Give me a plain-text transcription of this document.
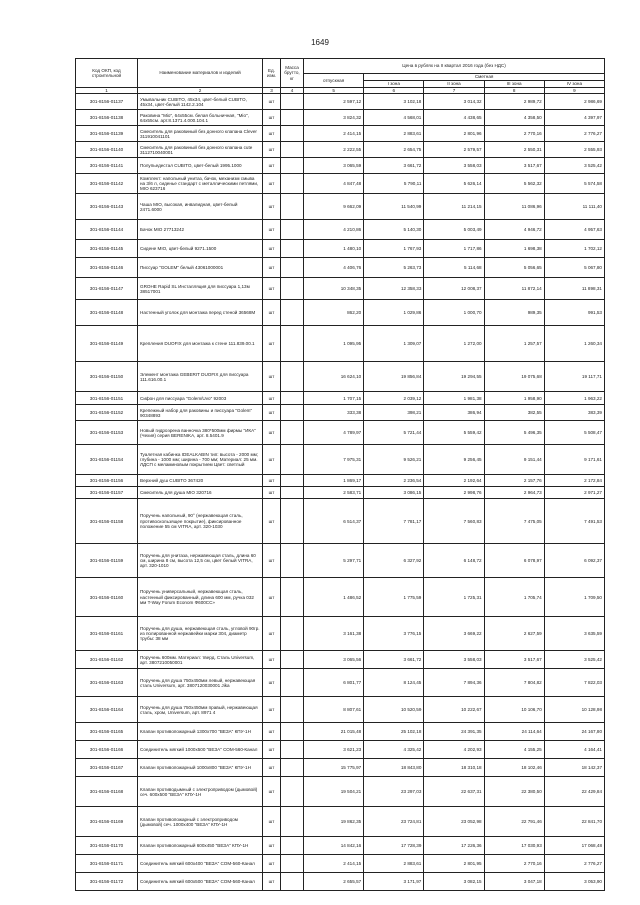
1649
Код ОКП, код строительной	Наименование материалов и изделий	Ед. изм.	Масса брутто, кг	Цена в рублях на II квартал 2016 года (без НДС)				
				отпускная	Сметная			
					I зона	II зона	III зона	IV зона
1	2	3	4	5	6	7	8	9
301-8156-01137	Умывальник CUBITO, 45х34, цвет-белый CUBITO, 45х34, цвет-белый 1142.2.104	шт		2 597,12	3 102,18	3 014,32	2 989,72	2 986,69
301-8156-01138	Раковина "Mio", 64х55см. белая больничная, "Mio", 64х55см. арт.8.1371.4.000.104.1	шт		3 824,32	4 568,01	4 438,65	4 358,50	4 397,97
301-8156-01139	Смеситель для раковиный без донного клапана Clever 311910041101	шт		2 414,15	2 883,61	2 801,96	2 770,16	2 776,27
301-8156-01140	Смеситель для раковиный без донного клапана cute 3112710040001	шт		2 222,55	2 654,75	2 579,57	2 550,31	2 555,93
301-8156-01141	Полупьедестал CUBITO, цвет-белый 1995.1000	шт		3 065,59	3 661,72	3 558,03	3 517,67	3 525,42
301-8156-01142	Комплект: напольный унитаз, бачок, механизм смыва на 3/6 л, сиденье стандарт с металлическими петлями, MIO 623716	шт		4 847,48	5 790,11	5 626,14	5 562,32	5 574,58
301-8156-01143	Чаша MIO, высокая, инвалидная, цвет-белый 2471.6000	шт		9 662,09	11 540,99	11 214,15	11 086,96	11 111,40
301-8156-01144	Бачок MIO 27713242	шт		4 210,86	5 140,30	5 003,49	4 946,72	4 957,63
301-8156-01145	Сидене MIO, цвет-белый 9271.1500	шт		1 480,10	1 767,93	1 717,86	1 698,38	1 702,12
301-8156-01146	Писсуар "GOLEM" белый 43061000001	шт		4 406,76	5 263,73	5 114,68	5 056,65	5 067,80
301-8156-01147	GROHE Rapid SL Инсталляция для писсуара 1,13м 38517001	шт		10 348,35	12 358,33	12 008,37	11 872,14	11 898,31
301-8156-01148	Настенный уголок для монтажа перед стеной 36568M	шт		862,20	1 029,86	1 000,70	989,35	991,53
301-8156-01149	Крепления DUOFIX для монтажа к стене 111.839.00.1	шт		1 095,95	1 309,07	1 272,00	1 257,57	1 260,34
301-8156-01150	Элемент монтажа GEBERIT DUOFIX для писсуара 111.616.00.1	шт		16 624,10	19 856,84	19 294,55	19 075,68	19 117,71
301-8156-01151	Сифон для писсуара "Golem/Uvo" 92003	шт		1 707,15	2 039,12	1 981,38	1 958,90	1 963,22
301-8156-01152	Крепежный набор для раковины и писсуара "Golem" 90348893	шт		333,38	398,21	386,94	382,55	383,39
301-8156-01153	Новый гидроэрена ванночка 380*500мм фирмы "ИКА" (Чехия) серия BERENIKA, арт. 8.5401.9	шт		4 789,97	5 721,44	5 559,42	5 496,35	5 508,47
301-8156-01154	Туалетная кабинка IDEALKABIN тип: высота - 2000 мм; глубина - 1000 мм; ширина - 700 мм; Материал: 25 мм. ЛДСП с меламиновым покрытием Цвет: светлый	шт		7 975,31	9 526,21	9 256,45	9 151,44	9 171,61
301-8156-01156	Верхний душ CUBITO 367420	шт		1 869,17	2 236,54	2 192,64	2 157,76	2 172,84
301-8156-01157	Смеситель для душа MIO 320716	шт		2 583,71	3 086,15	2 998,76	2 964,73	2 971,27
301-8156-01158	Поручень напольный, 90° (нержавеющая сталь, противоскользящее покрытие), фиксированное положение 55 см VITRA, арт. 320-1030	шт		6 514,37	7 781,17	7 560,83	7 475,05	7 491,53
301-8156-01159	Поручень для унитаза, нержавеющая сталь, длина 60 см, ширина 8 см, высота 12,5 см, цвет белый VITRA, арт. 320-1010	шт		5 297,71	6 327,92	6 148,72	6 078,97	6 092,37
301-8156-01160	Поручень универсальный, нержавеющая сталь, настенный фиксированный, длина 600 мм, ручка 032 мм T-Way Forum Econom Ф600СС»	шт		1 486,52	1 775,59	1 725,31	1 705,74	1 709,50
301-8156-01161	Поручень для душа, нержавеющая сталь, угловой 90гр. из полированной нержавейки марки 304, диаметр трубы: 38 мм	шт		3 161,38	3 776,15	3 669,22	2 627,59	3 635,59
301-8156-01162	Поручень 600мм. Материал: тверд. Сталь Universum, арт. 3807210050001	шт		3 065,56	3 661,72	3 558,03	3 517,67	3 525,42
301-8156-01163	Поручень для душа 750х450мм левый, нержавеющая сталь Universum, арт. 3807120030001 Jika	шт		6 801,77	8 124,45	7 894,36	7 804,82	7 822,03
301-8156-01164	Поручень для душа 750х450мм правый, нержавеющая сталь, хром, Universum, арт. 8971 4	шт		8 807,61	10 520,59	10 222,67	10 106,70	10 128,98
301-8156-01165	Клапан противопожарный 1300х700 "ВЕЗА" КПУ-1Н	шт		21 015,48	25 102,18	24 391,35	24 114,64	24 167,80
301-8156-01166	Соединитель мягкий 1000х500 "ВЕЗА" СОМ-560-Канал	шт		3 621,23	4 325,42	4 202,93	4 155,25	4 164,41
301-8156-01167	Клапан противопожарный 1000х800 "ВЕЗА" КПУ-1Н	шт		15 775,97	18 843,80	18 310,18	18 102,46	18 142,37
301-8156-01168	Клапан противодымный с электроприводом (дымовой) сеч. 600х500 "ВЕЗА" КПУ-1Н	шт		19 504,21	23 297,03	22 637,31	22 380,50	22 429,84
301-8156-01169	Клапан противопожарный с электроприводом (дымовой) сеч. 1000х400 "ВЕЗА" КПУ-1Н	шт		19 862,35	23 724,81	23 052,98	22 791,46	22 841,70
301-8156-01170	Клапан противопожарный 600х450 "ВЕЗА" КПУ-1Н	шт		14 842,16	17 728,39	17 226,36	17 030,93	17 068,48
301-8156-01171	Соединитель мягкий 600х400 "ВЕЗА" СОМ-560-Канал	шт		2 414,15	2 883,61	2 801,95	2 770,16	2 776,27
301-8156-01172	Соединитель мягкий 600х500 "ВЕЗА" СОМ-560-Канал	шт		2 655,57	3 171,97	3 082,15	3 047,18	3 053,90
